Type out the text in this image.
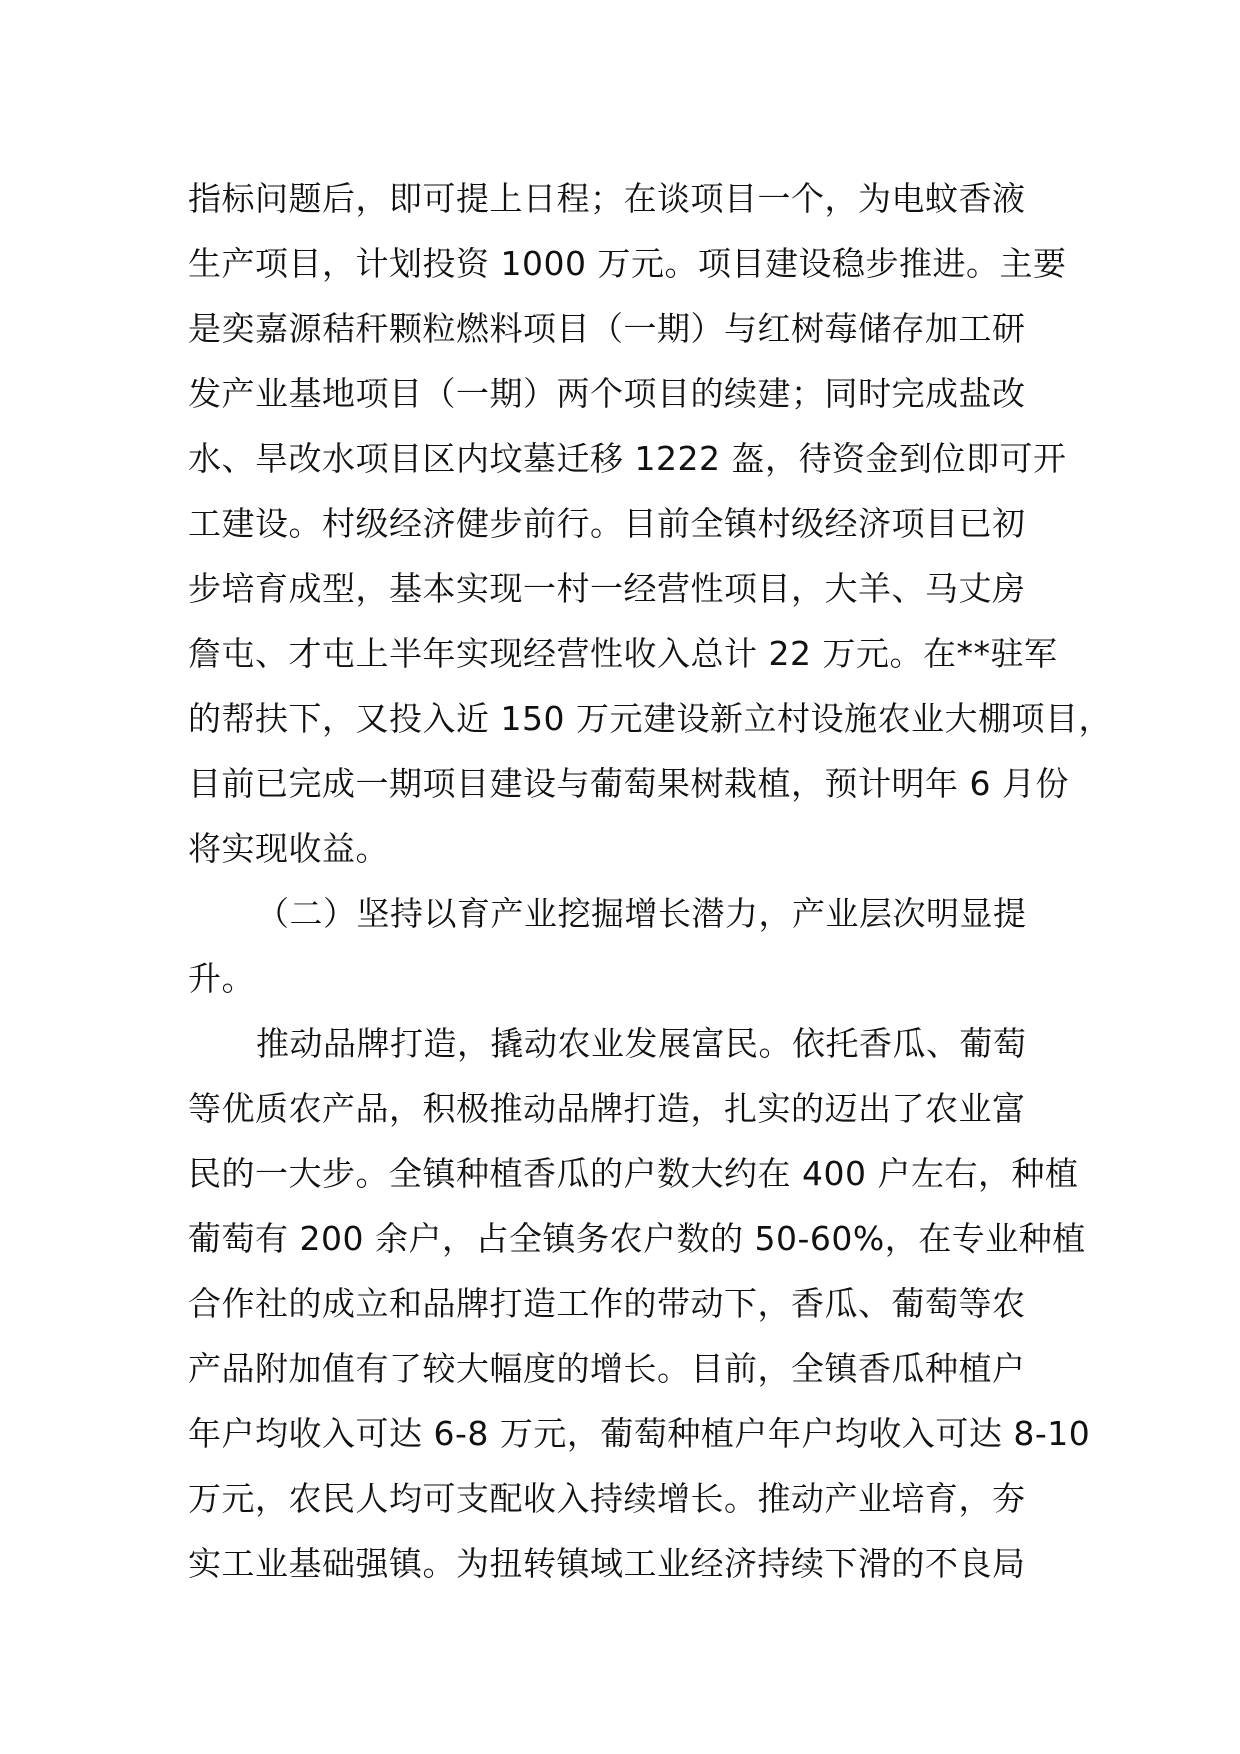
指标问题后，即可提上日程；在谈项目一个，为电蚊香液
生产项目，计划投资 1000 万元。项目建设稳步推进。主要
是奕嘉源秸秆颗粒燃料项目（一期）与红树莓储存加工研
发产业基地项目（一期）两个项目的续建；同时完成盐改
水、旱改水项目区内坟墓迁移 1222 盔，待资金到位即可开
工建设。村级经济健步前行。目前全镇村级经济项目已初
步培育成型，基本实现一村一经营性项目，大羊、马丈房
詹屯、才屯上半年实现经营性收入总计 22 万元。在**驻军
的帮扶下，又投入近 150 万元建设新立村设施农业大棚项目，
目前已完成一期项目建设与葡萄果树栽植，预计明年 6 月份
将实现收益。
（二）坚持以育产业挖掘增长潜力，产业层次明显提
升。
推动品牌打造，撬动农业发展富民。依托香瓜、葡萄
等优质农产品，积极推动品牌打造，扎实的迈出了农业富
民的一大步。全镇种植香瓜的户数大约在 400 户左右，种植
葡萄有 200 余户，占全镇务农户数的 50-60%，在专业种植
合作社的成立和品牌打造工作的带动下，香瓜、葡萄等农
产品附加值有了较大幅度的增长。目前，全镇香瓜种植户
年户均收入可达 6-8 万元，葡萄种植户年户均收入可达 8-10
万元，农民人均可支配收入持续增长。推动产业培育，夯
实工业基础强镇。为扭转镇域工业经济持续下滑的不良局
